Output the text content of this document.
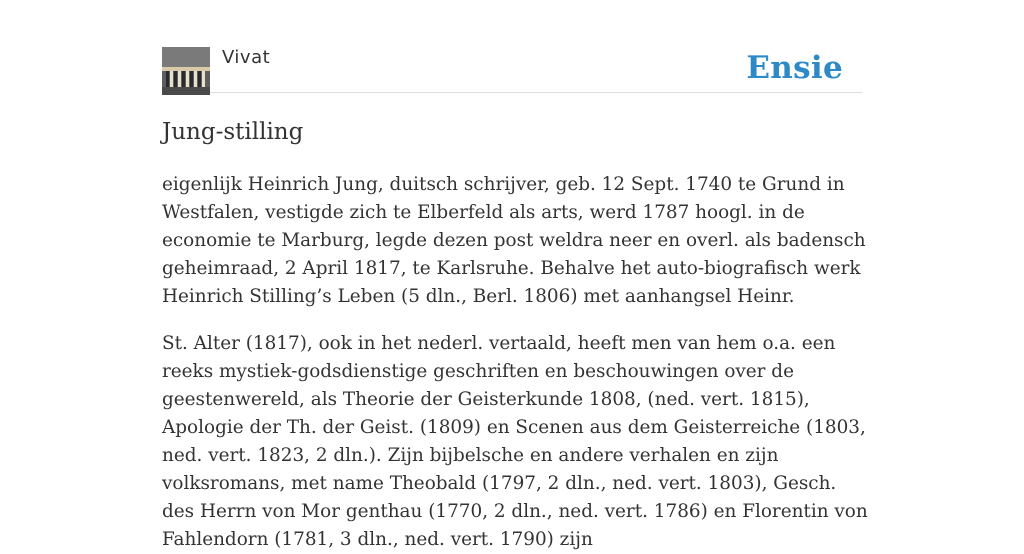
Vivat	Ensie
Jung-stilling

eigenlijk Heinrich Jung, duitsch schrijver, geb. 12 Sept. 1740 te Grund in Westfalen, vestigde zich te Elberfeld als arts, werd 1787 hoogl. in de economie te Marburg, legde dezen post weldra neer en overl. als badensch geheimraad, 2 April 1817, te Karlsruhe. Behalve het auto-biografisch werk Heinrich Stilling’s Leben (5 dln., Berl. 1806) met aanhangsel Heinr.

St. Alter (1817), ook in het nederl. vertaald, heeft men van hem o.a. een reeks mystiek-godsdienstige geschriften en beschouwingen over de geestenwereld, als Theorie der Geisterkunde 1808, (ned. vert. 1815), Apologie der Th. der Geist. (1809) en Scenen aus dem Geisterreiche (1803, ned. vert. 1823, 2 dln.). Zijn bijbelsche en andere verhalen en zijn volksromans, met name Theobald (1797, 2 dln., ned. vert. 1803), Gesch. des Herrn von Mor genthau (1770, 2 dln., ned. vert. 1786) en Florentin von Fahlendorn (1781, 3 dln., ned. vert. 1790) zijn
